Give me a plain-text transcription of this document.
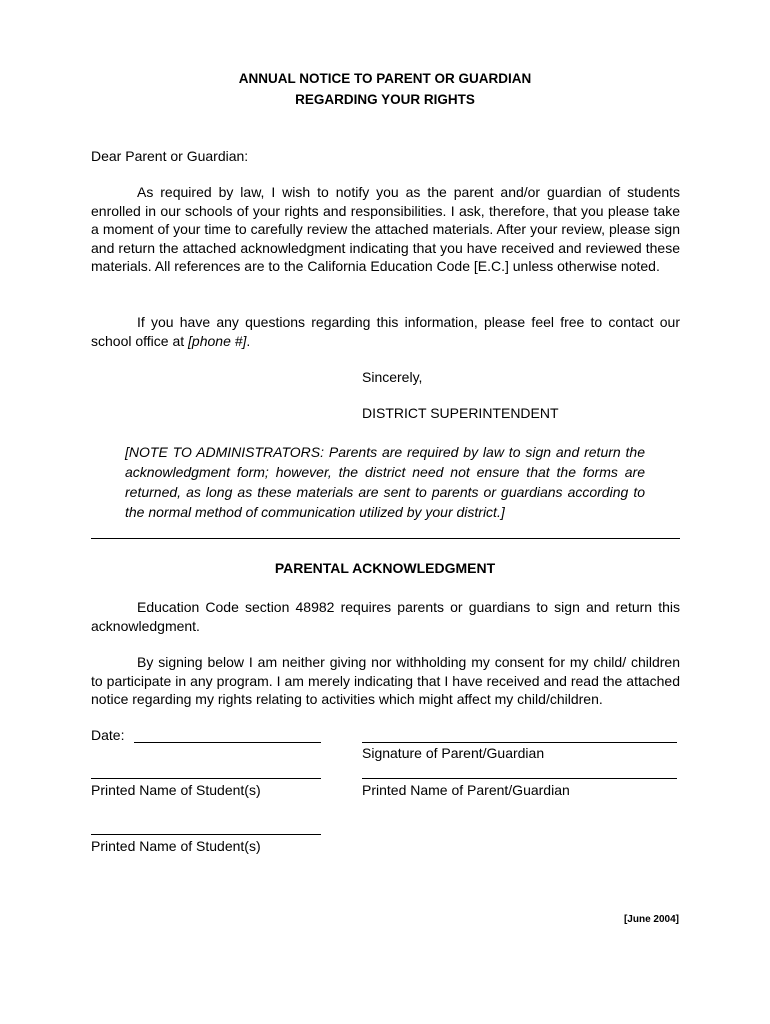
ANNUAL NOTICE TO PARENT OR GUARDIAN
REGARDING YOUR RIGHTS
Dear Parent or Guardian:
As required by law, I wish to notify you as the parent and/or guardian of students enrolled in our schools of your rights and responsibilities. I ask, therefore, that you please take a moment of your time to carefully review the attached materials. After your review, please sign and return the attached acknowledgment indicating that you have received and reviewed these materials. All references are to the California Education Code [E.C.] unless otherwise noted.
If you have any questions regarding this information, please feel free to contact our school office at [phone #].
Sincerely,
DISTRICT SUPERINTENDENT
[NOTE TO ADMINISTRATORS: Parents are required by law to sign and return the acknowledgment form; however, the district need not ensure that the forms are returned, as long as these materials are sent to parents or guardians according to the normal method of communication utilized by your district.]
PARENTAL ACKNOWLEDGMENT
Education Code section 48982 requires parents or guardians to sign and return this acknowledgment.
By signing below I am neither giving nor withholding my consent for my child/ children to participate in any program. I am merely indicating that I have received and read the attached notice regarding my rights relating to activities which might affect my child/children.
Date:
Signature of Parent/Guardian
Printed Name of Student(s)	Printed Name of Parent/Guardian
Printed Name of Student(s)
[June 2004]
